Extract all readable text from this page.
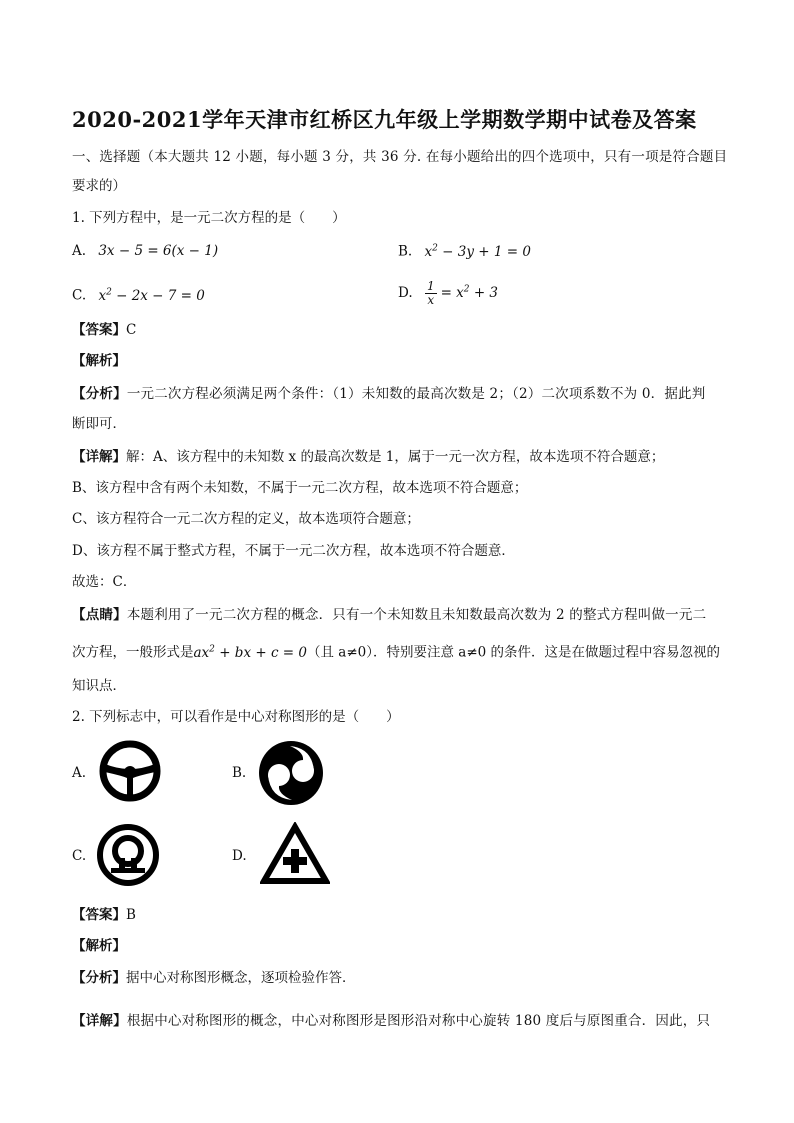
2020-2021学年天津市红桥区九年级上学期数学期中试卷及答案
一、选择题（本大题共 12 小题，每小题 3 分，共 36 分. 在每小题给出的四个选项中，只有一项是符合题目
要求的）
1. 下列方程中，是一元二次方程的是（　　）
A. 3x − 5 = 6(x − 1)	B. $x^2 - 3y + 1 = 0$
C. $x^2 - 2x - 7 = 0$	D. $\frac{1}{x} = x^2 + 3$
【答案】C
【解析】
【分析】一元二次方程必须满足两个条件：（1）未知数的最高次数是 2；（2）二次项系数不为 0．据此判
断即可．
【详解】解：A、该方程中的未知数 x 的最高次数是 1，属于一元一次方程，故本选项不符合题意；
B、该方程中含有两个未知数，不属于一元二次方程，故本选项不符合题意；
C、该方程符合一元二次方程的定义，故本选项符合题意；
D、该方程不属于整式方程，不属于一元二次方程，故本选项不符合题意．
故选：C．
【点睛】本题利用了一元二次方程的概念．只有一个未知数且未知数最高次数为 2 的整式方程叫做一元二
次方程，一般形式是$ax^2$ + bx + c = 0（且 a≠0）．特别要注意 a≠0 的条件．这是在做题过程中容易忽视的
知识点．
2. 下列标志中，可以看作是中心对称图形的是（　　）
A.	B.
C.	D.
【答案】B
【解析】
【分析】据中心对称图形概念，逐项检验作答．
【详解】根据中心对称图形的概念，中心对称图形是图形沿对称中心旋转 180 度后与原图重合．因此，只
